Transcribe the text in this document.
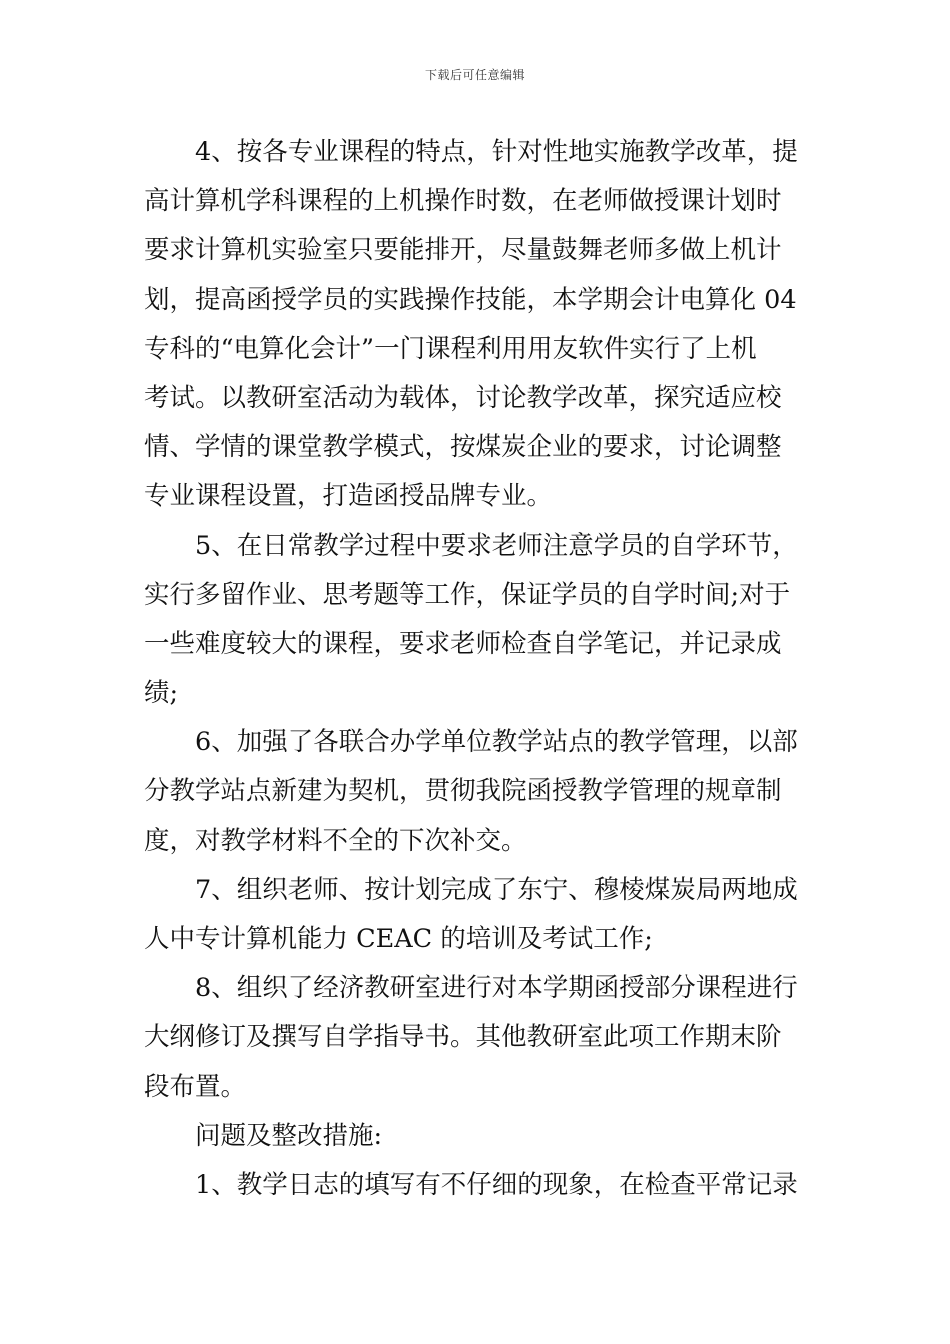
下载后可任意编辑

4、按各专业课程的特点，针对性地实施教学改革，提
高计算机学科课程的上机操作时数，在老师做授课计划时
要求计算机实验室只要能排开，尽量鼓舞老师多做上机计
划，提高函授学员的实践操作技能，本学期会计电算化 04
专科的“电算化会计”一门课程利用用友软件实行了上机
考试。以教研室活动为载体，讨论教学改革，探究适应校
情、学情的课堂教学模式，按煤炭企业的要求，讨论调整
专业课程设置，打造函授品牌专业。

5、在日常教学过程中要求老师注意学员的自学环节，
实行多留作业、思考题等工作，保证学员的自学时间;对于
一些难度较大的课程，要求老师检查自学笔记，并记录成
绩;

6、加强了各联合办学单位教学站点的教学管理，以部
分教学站点新建为契机，贯彻我院函授教学管理的规章制
度，对教学材料不全的下次补交。

7、组织老师、按计划完成了东宁、穆棱煤炭局两地成
人中专计算机能力 CEAC 的培训及考试工作;

8、组织了经济教研室进行对本学期函授部分课程进行
大纲修订及撰写自学指导书。其他教研室此项工作期末阶
段布置。

问题及整改措施:

1、教学日志的填写有不仔细的现象，在检查平常记录
